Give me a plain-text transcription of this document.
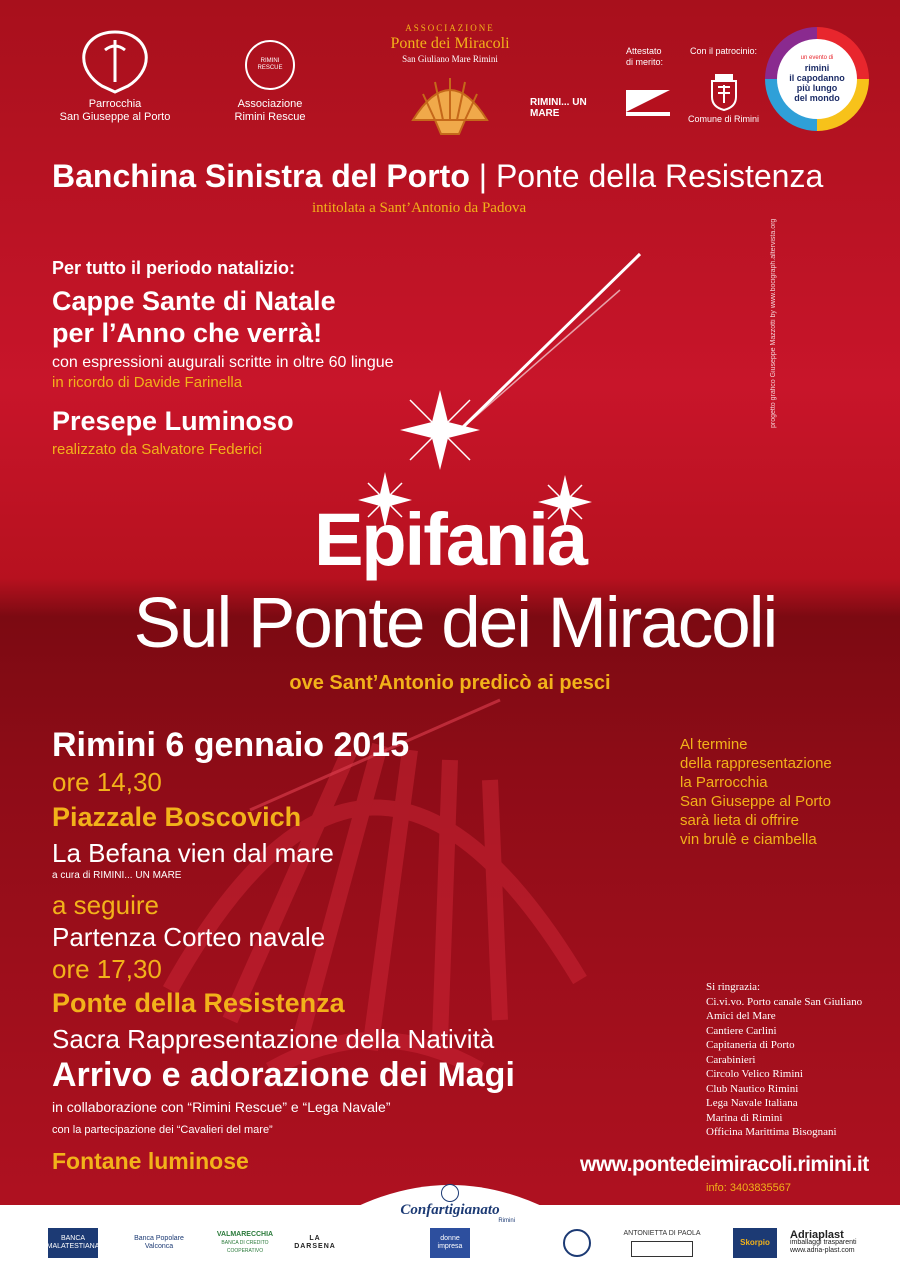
Parrocchia
San Giuseppe al Porto
RIMINI RESCUE
Associazione
Rimini Rescue
ASSOCIAZIONE
Ponte dei Miracoli
San Giuliano Mare Rimini
RIMINI... UN MARE
Attestato
di merito:
Con il patrocinio:
Comune di Rimini
un evento di
rimini
il capodanno
più lungo
del mondo
Banchina Sinistra del Porto | Ponte della Resistenza
intitolata a Sant’Antonio da Padova
Per tutto il periodo natalizio:
Cappe Sante di Natale
per l’Anno che verrà!
con espressioni augurali scritte in oltre 60 lingue
in ricordo di Davide Farinella
Presepe Luminoso
realizzato da Salvatore Federici
progetto grafico Giuseppe Mazzotti by www.bocigraph.altervista.org
Epifania
Sul Ponte dei Miracoli
ove Sant’Antonio predicò ai pesci
Rimini 6 gennaio 2015
ore 14,30
Piazzale Boscovich
La Befana vien dal mare
a cura di RIMINI... UN MARE
a seguire
Partenza Corteo navale
ore 17,30
Ponte della Resistenza
Sacra Rappresentazione della Natività
Arrivo e adorazione dei Magi
in collaborazione con “Rimini Rescue” e “Lega Navale”
con la partecipazione dei “Cavalieri del mare”
Fontane luminose
Al termine
della rappresentazione
la Parrocchia
San Giuseppe al Porto
sarà lieta di offrire
vin brulè e ciambella
Si ringrazia:
Ci.vi.vo. Porto canale San Giuliano
Amici del Mare
Cantiere Carlini
Capitaneria di Porto
Carabinieri
Circolo Velico Rimini
Club Nautico Rimini
Lega Navale Italiana
Marina di Rimini
Officina Marittima Bisognani
www.pontedeimiracoli.rimini.it
info: 3403835567
Confartigianato
Rimini
donne impresa
BANCA MALATESTIANA
Banca Popolare Valconca
VALMARECCHIA
BANCA DI CREDITO COOPERATIVO
LA DARSENA
ANTONIETTA DI PAOLA
Skorpio
Adriaplast
imballaggi trasparenti
www.adria-plast.com
